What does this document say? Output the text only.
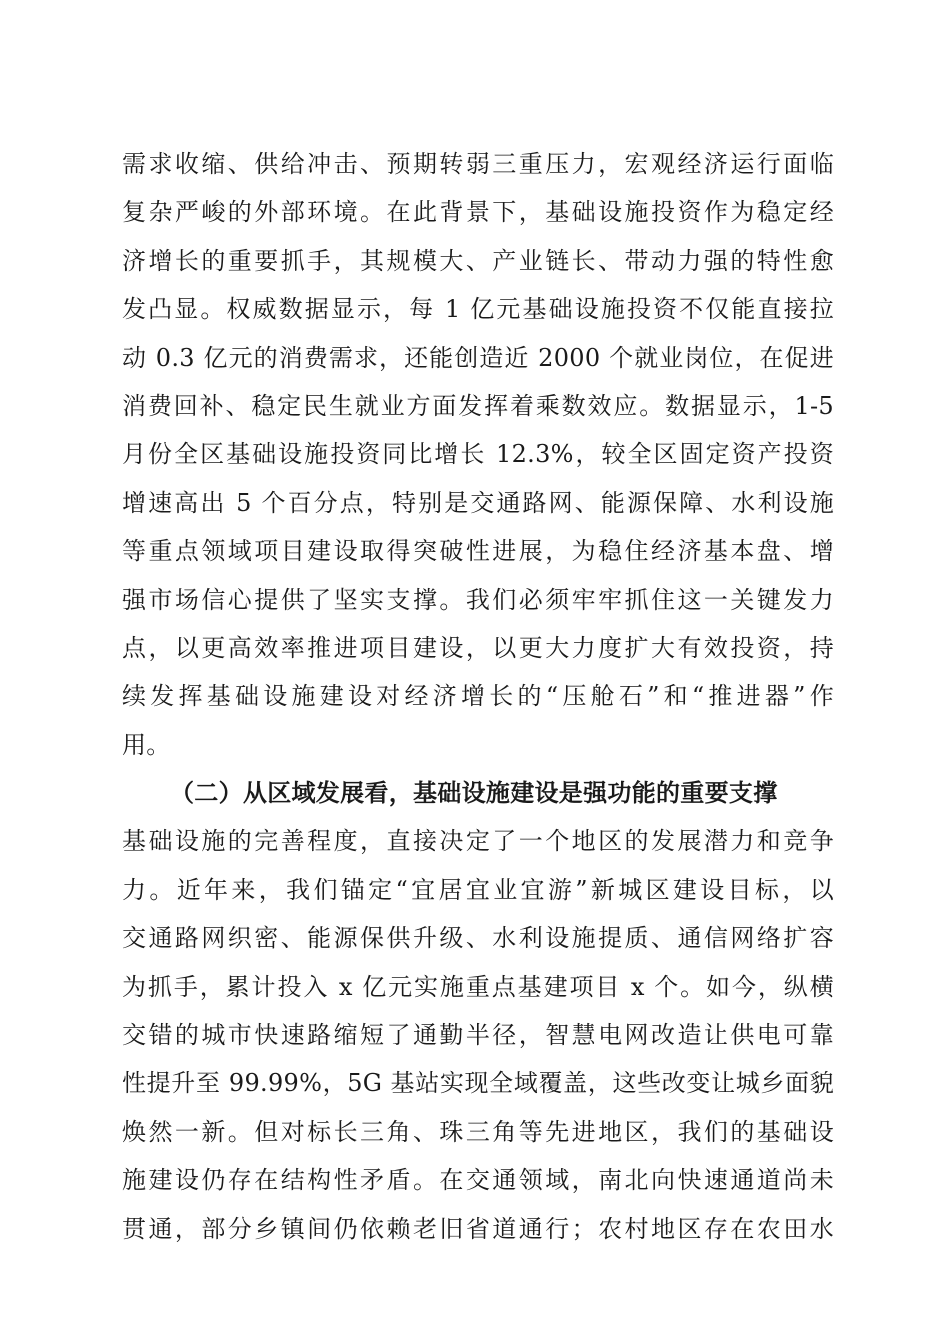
需求收缩、供给冲击、预期转弱三重压力，宏观经济运行面临
复杂严峻的外部环境。在此背景下，基础设施投资作为稳定经
济增长的重要抓手，其规模大、产业链长、带动力强的特性愈
发凸显。权威数据显示，每 1 亿元基础设施投资不仅能直接拉
动 0.3 亿元的消费需求，还能创造近 2000 个就业岗位，在促进
消费回补、稳定民生就业方面发挥着乘数效应。数据显示，1-5
月份全区基础设施投资同比增长 12.3%，较全区固定资产投资
增速高出 5 个百分点，特别是交通路网、能源保障、水利设施
等重点领域项目建设取得突破性进展，为稳住经济基本盘、增
强市场信心提供了坚实支撑。我们必须牢牢抓住这一关键发力
点，以更高效率推进项目建设，以更大力度扩大有效投资，持
续发挥基础设施建设对经济增长的“压舱石”和“推进器”作
用。
（二）从区域发展看，基础设施建设是强功能的重要支撑
基础设施的完善程度，直接决定了一个地区的发展潜力和竞争
力。近年来，我们锚定“宜居宜业宜游”新城区建设目标，以
交通路网织密、能源保供升级、水利设施提质、通信网络扩容
为抓手，累计投入 x 亿元实施重点基建项目 x 个。如今，纵横
交错的城市快速路缩短了通勤半径，智慧电网改造让供电可靠
性提升至 99.99%，5G 基站实现全域覆盖，这些改变让城乡面貌
焕然一新。但对标长三角、珠三角等先进地区，我们的基础设
施建设仍存在结构性矛盾。在交通领域，南北向快速通道尚未
贯通，部分乡镇间仍依赖老旧省道通行；农村地区存在农田水
